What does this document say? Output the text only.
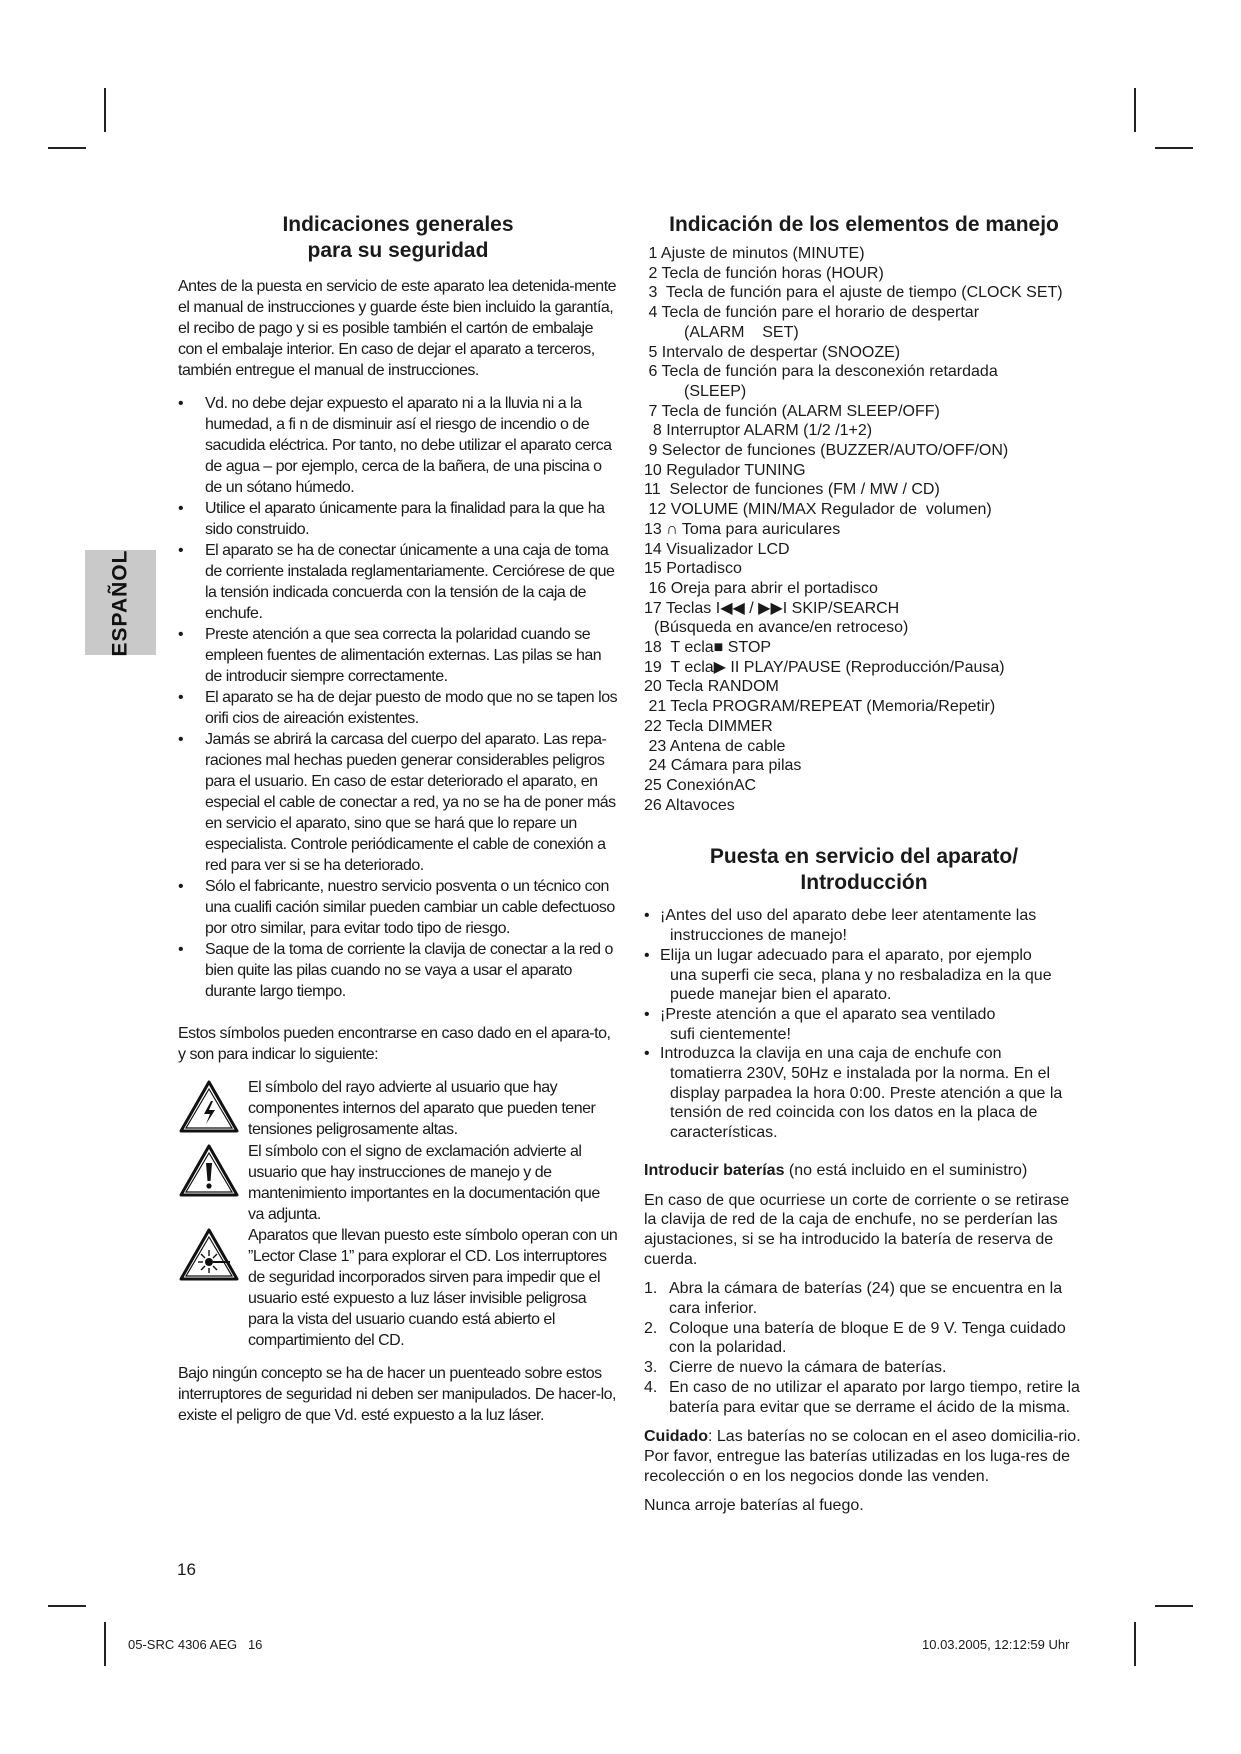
ESPAÑOL
Indicaciones generales
para su seguridad

Antes de la puesta en servicio de este aparato lea detenida-mente el manual de instrucciones y guarde éste bien incluido la garantía, el recibo de pago y si es posible también el cartón de embalaje con el embalaje interior. En caso de dejar el aparato a terceros, también entregue el manual de instrucciones.

• Vd. no debe dejar expuesto el aparato ni a la lluvia ni a la humedad, a fi n de disminuir así el riesgo de incendio o de sacudida eléctrica. Por tanto, no debe utilizar el aparato cerca de agua – por ejemplo, cerca de la bañera, de una piscina o de un sótano húmedo.
• Utilice el aparato únicamente para la finalidad para la que ha sido construido.
• El aparato se ha de conectar únicamente a una caja de toma de corriente instalada reglamentariamente. Cerciórese de que la tensión indicada concuerda con la tensión de la caja de enchufe.
• Preste atención a que sea correcta la polaridad cuando se empleen fuentes de alimentación externas. Las pilas se han de introducir siempre correctamente.
• El aparato se ha de dejar puesto de modo que no se tapen los orifi cios de aireación existentes.
• Jamás se abrirá la carcasa del cuerpo del aparato. Las repa-raciones mal hechas pueden generar considerables peligros para el usuario. En caso de estar deteriorado el aparato, en especial el cable de conectar a red, ya no se ha de poner más en servicio el aparato, sino que se hará que lo repare un especialista. Controle periódicamente el cable de conexión a red para ver si se ha deteriorado.
• Sólo el fabricante, nuestro servicio posventa o un técnico con una cualifi cación similar pueden cambiar un cable defectuoso por otro similar, para evitar todo tipo de riesgo.
• Saque de la toma de corriente la clavija de conectar a la red o bien quite las pilas cuando no se vaya a usar el aparato durante largo tiempo.

Estos símbolos pueden encontrarse en caso dado en el apara-to, y son para indicar lo siguiente:

El símbolo del rayo advierte al usuario que hay componentes internos del aparato que pueden tener tensiones peligrosamente altas.
El símbolo con el signo de exclamación advierte al usuario que hay instrucciones de manejo y de mantenimiento importantes en la documentación que va adjunta.
Aparatos que llevan puesto este símbolo operan con un ”Lector Clase 1” para explorar el CD. Los interruptores de seguridad incorporados sirven para impedir que el usuario esté expuesto a luz láser invisible peligrosa para la vista del usuario cuando está abierto el compartimiento del CD.

Bajo ningún concepto se ha de hacer un puenteado sobre estos interruptores de seguridad ni deben ser manipulados. De hacer-lo, existe el peligro de que Vd. esté expuesto a la luz láser.

Indicación de los elementos de manejo
1 Ajuste de minutos (MINUTE)
2 Tecla de función horas (HOUR)
3  Tecla de función para el ajuste de tiempo (CLOCK SET)
4 Tecla de función pare el horario de despertar
(ALARM    SET)
5 Intervalo de despertar (SNOOZE)
6 Tecla de función para la desconexión retardada
(SLEEP)
7 Tecla de función (ALARM SLEEP/OFF)
8 Interruptor ALARM (1/2 /1+2)
9 Selector de funciones (BUZZER/AUTO/OFF/ON)
10 Regulador TUNING
11  Selector de funciones (FM / MW / CD)
12 VOLUME (MIN/MAX Regulador de  volumen)
13 ∩ Toma para auriculares
14 Visualizador LCD
15 Portadisco
16 Oreja para abrir el portadisco
17 Teclas I◀◀ / ▶▶I SKIP/SEARCH
(Búsqueda en avance/en retroceso)
18  T ecla■ STOP
19  T ecla▶ II PLAY/PAUSE (Reproducción/Pausa)
20 Tecla RANDOM
21 Tecla PROGRAM/REPEAT (Memoria/Repetir)
22 Tecla DIMMER
23 Antena de cable
24 Cámara para pilas
25 ConexiónAC
26 Altavoces
Puesta en servicio del aparato/
Introducción
• ¡Antes del uso del aparato debe leer atentamente las
instrucciones de manejo!
• Elija un lugar adecuado para el aparato, por ejemplo
una superfi cie seca, plana y no resbaladiza en la que puede manejar bien el aparato.
• ¡Preste atención a que el aparato sea ventilado
sufi cientemente!
• Introduzca la clavija en una caja de enchufe con
tomatierra 230V, 50Hz e instalada por la norma. En el display parpadea la hora 0:00. Preste atención a que la tensión de red coincida con los datos en la placa de características.

Introducir baterías (no está incluido en el suministro)

En caso de que ocurriese un corte de corriente o se retirase la clavija de red de la caja de enchufe, no se perderían las ajustaciones, si se ha introducido la batería de reserva de cuerda.

1. Abra la cámara de baterías (24) que se encuentra en la cara inferior.
2. Coloque una batería de bloque E de 9 V. Tenga cuidado con la polaridad.
3. Cierre de nuevo la cámara de baterías.
4. En caso de no utilizar el aparato por largo tiempo, retire la batería para evitar que se derrame el ácido de la misma.

Cuidado: Las baterías no se colocan en el aseo domicilia-rio. Por favor, entregue las baterías utilizadas en los luga-res de recolección o en los negocios donde las venden.

Nunca arroje baterías al fuego.

16
05-SRC 4306 AEG   16	10.03.2005, 12:12:59 Uhr
